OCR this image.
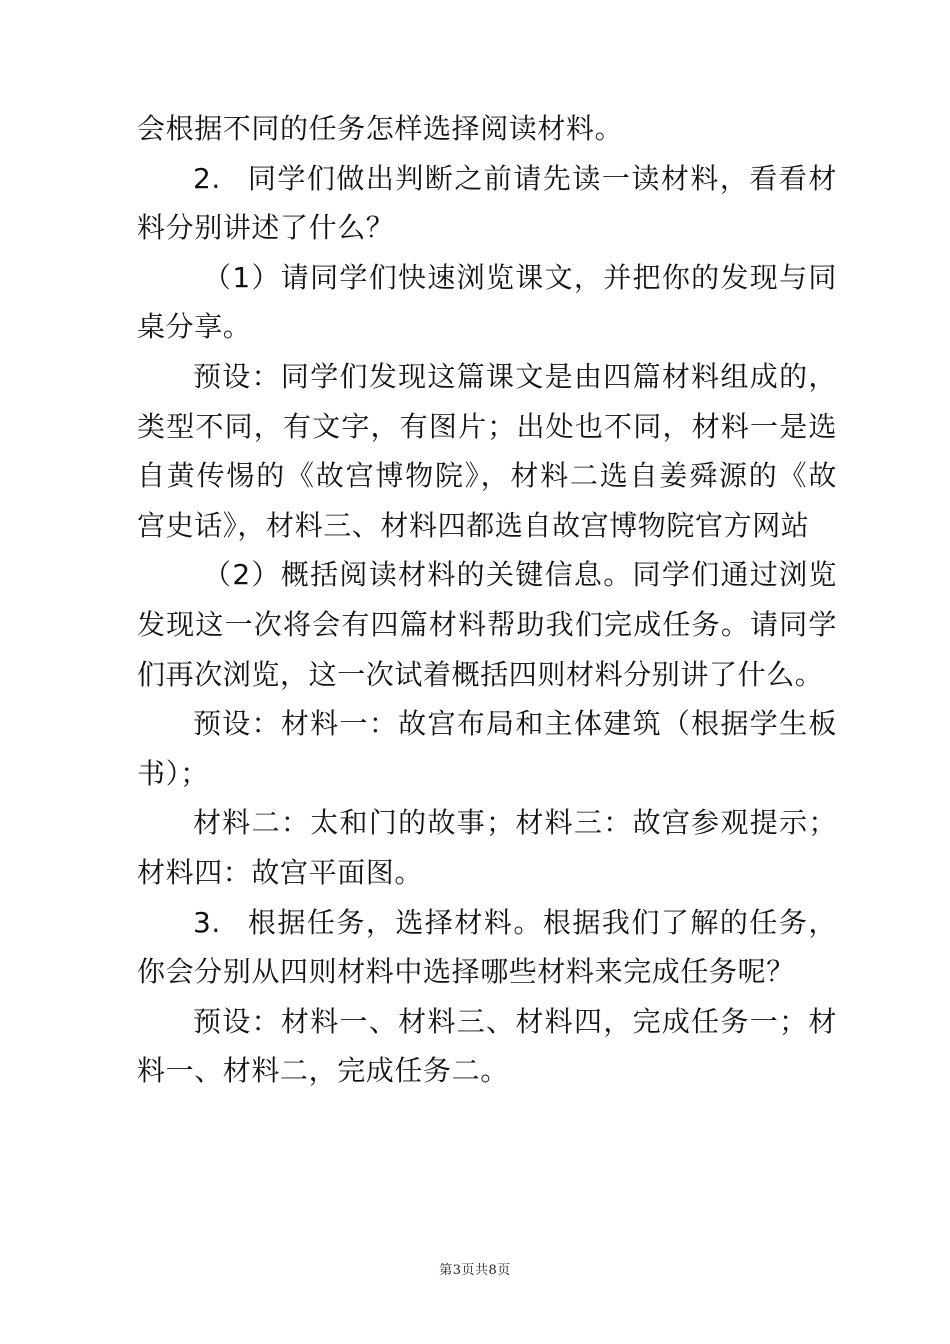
会根据不同的任务怎样选择阅读材料。

2. 同学们做出判断之前请先读一读材料，看看材料分别讲述了什么？

（1）请同学们快速浏览课文，并把你的发现与同桌分享。

预设：同学们发现这篇课文是由四篇材料组成的，类型不同，有文字，有图片；出处也不同，材料一是选自黄传惕的《故宫博物院》，材料二选自姜舜源的《故宫史话》，材料三、材料四都选自故宫博物院官方网站

（2）概括阅读材料的关键信息。同学们通过浏览发现这一次将会有四篇材料帮助我们完成任务。请同学们再次浏览，这一次试着概括四则材料分别讲了什么。

预设：材料一：故宫布局和主体建筑（根据学生板书）；

材料二：太和门的故事；材料三：故宫参观提示；材料四：故宫平面图。

3. 根据任务，选择材料。根据我们了解的任务，你会分别从四则材料中选择哪些材料来完成任务呢？

预设：材料一、材料三、材料四，完成任务一；材料一、材料二，完成任务二。

第3页共8页
